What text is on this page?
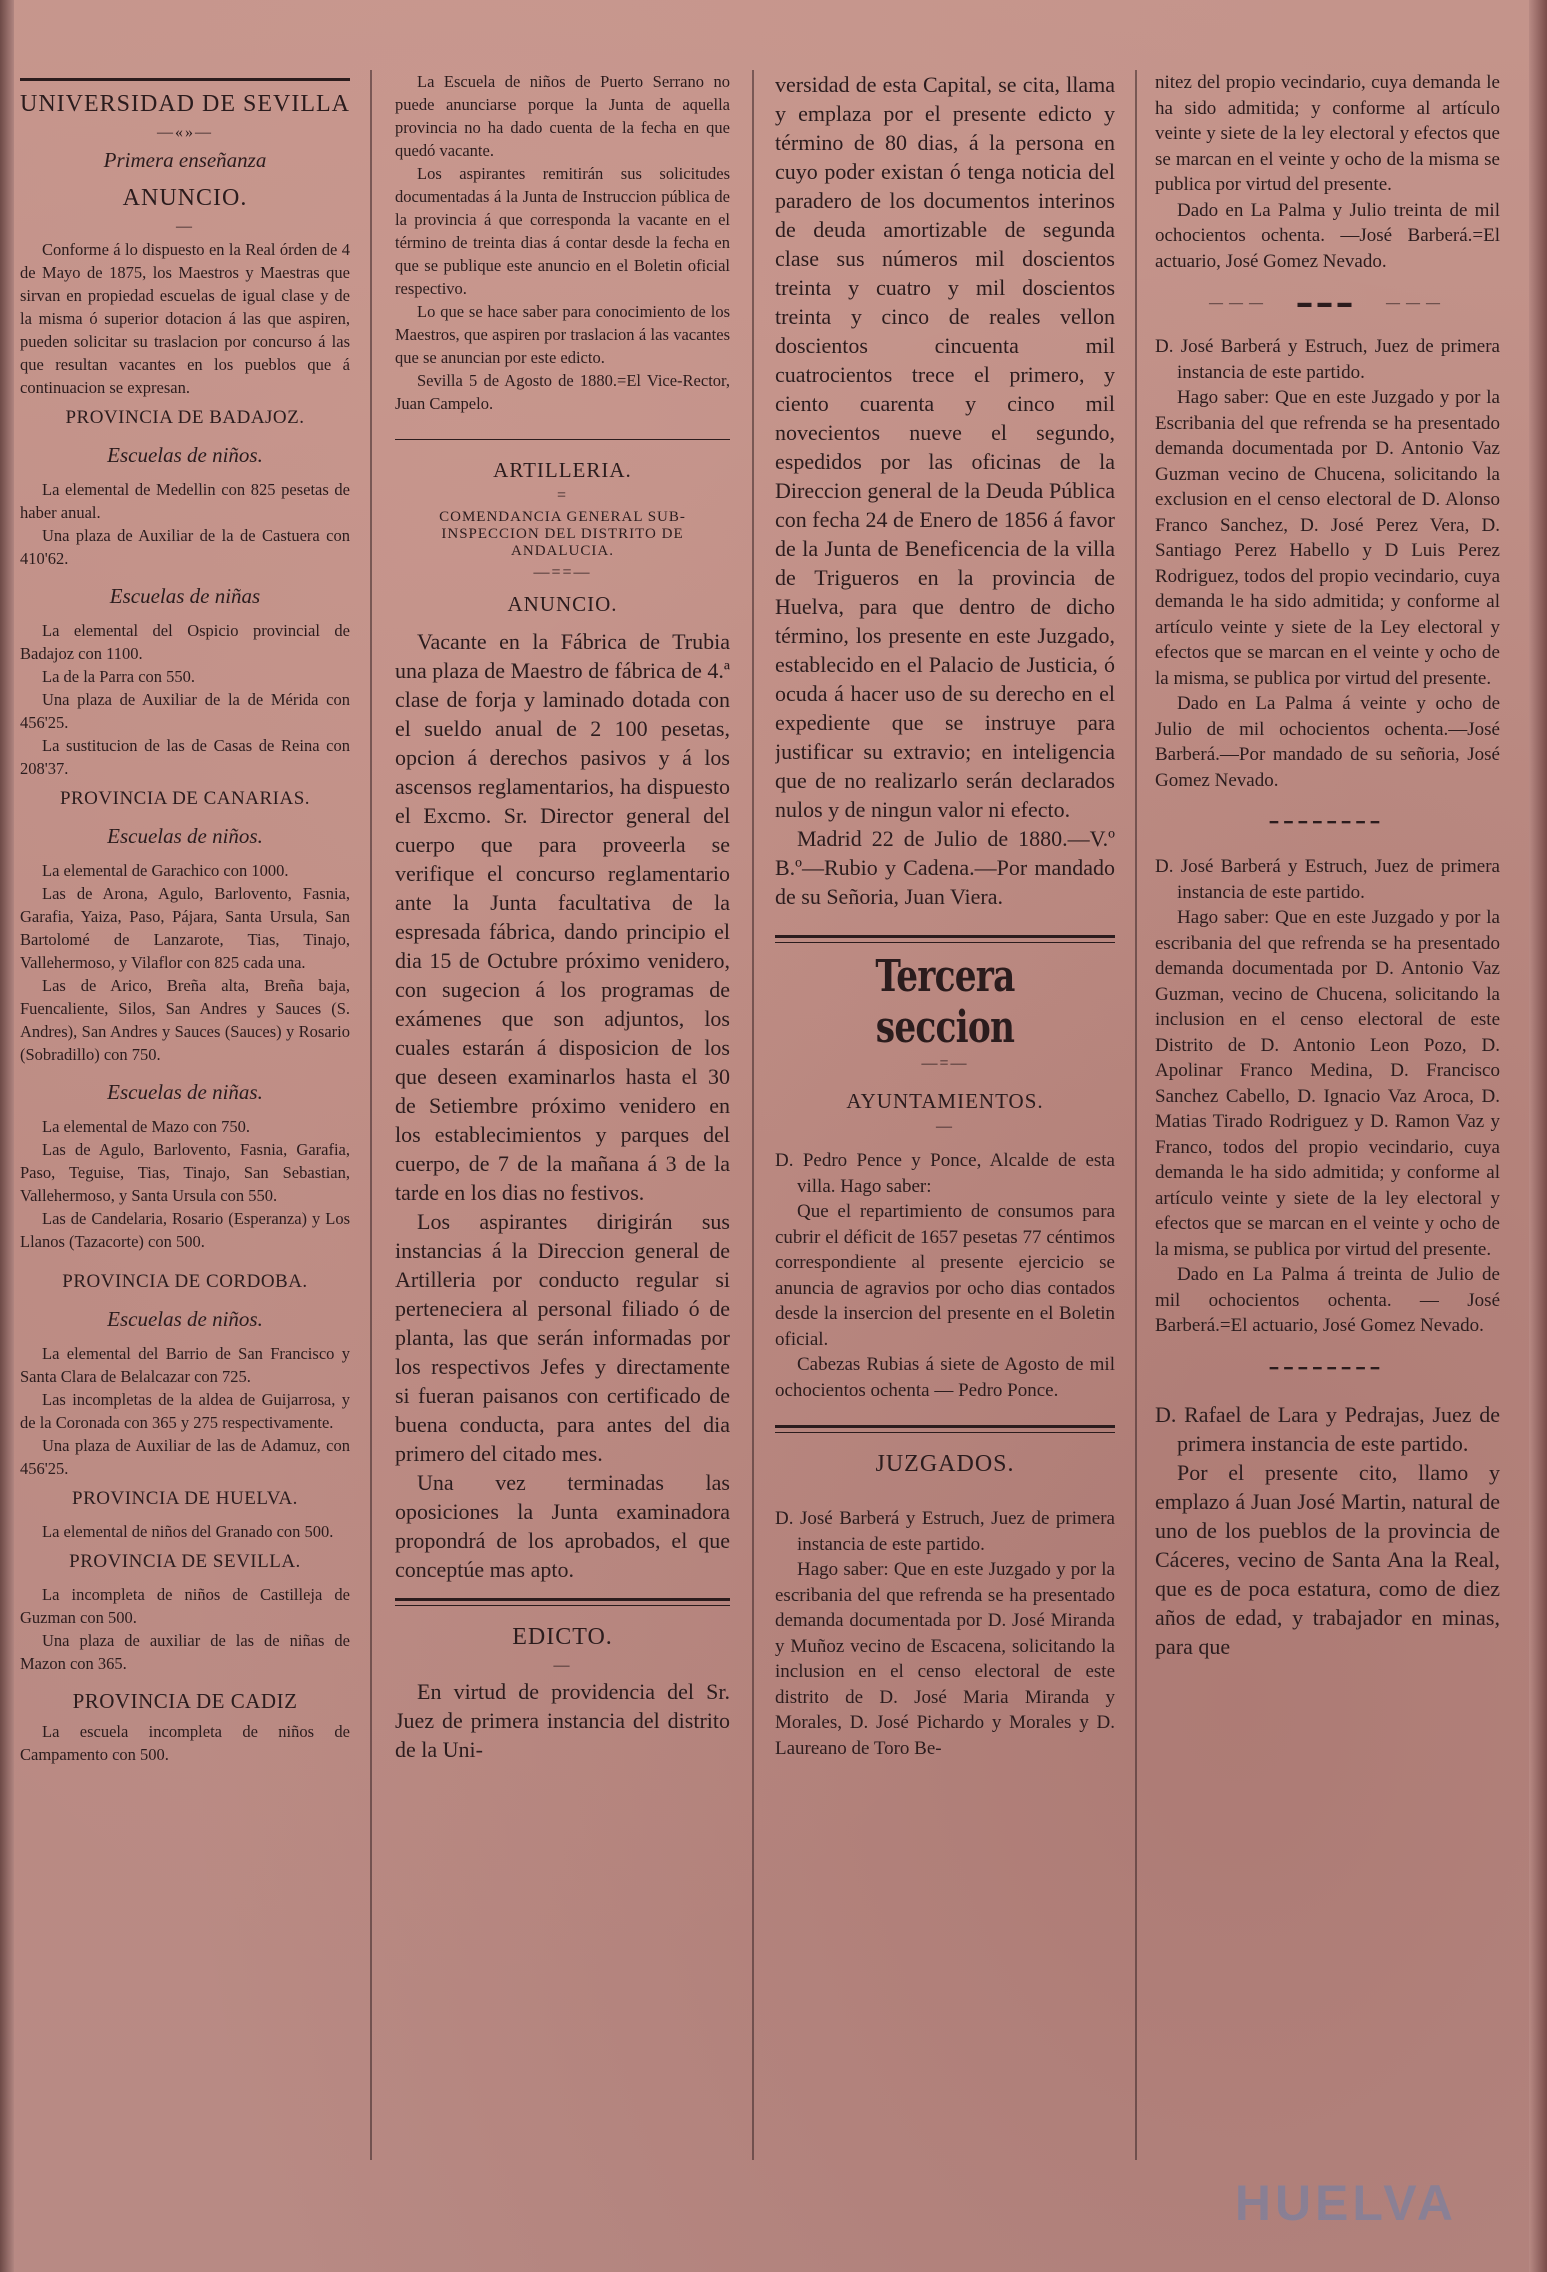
UNIVERSIDAD DE SEVILLA
—«»—
Primera enseñanza
ANUNCIO.
—

Conforme á lo dispuesto en la Real órden de 4 de Mayo de 1875, los Maestros y Maestras que sirvan en propiedad escuelas de igual clase y de la misma ó superior dotacion á las que aspiren, pueden solicitar su traslacion por concurso á las que resultan vacantes en los pueblos que á continuacion se expresan.

PROVINCIA DE BADAJOZ.
Escuelas de niños.

La elemental de Medellin con 825 pesetas de haber anual.

Una plaza de Auxiliar de la de Castuera con 410'62.

Escuelas de niñas

La elemental del Ospicio provincial de Badajoz con 1100.

La de la Parra con 550.

Una plaza de Auxiliar de la de Mérida con 456'25.

La sustitucion de las de Casas de Reina con 208'37.

PROVINCIA DE CANARIAS.
Escuelas de niños.

La elemental de Garachico con 1000.

Las de Arona, Agulo, Barlovento, Fasnia, Garafia, Yaiza, Paso, Pájara, Santa Ursula, San Bartolomé de Lanzarote, Tias, Tinajo, Vallehermoso, y Vilaflor con 825 cada una.

Las de Arico, Breña alta, Breña baja, Fuencaliente, Silos, San Andres y Sauces (S. Andres), San Andres y Sauces (Sauces) y Rosario (Sobradillo) con 750.

Escuelas de niñas.

La elemental de Mazo con 750.

Las de Agulo, Barlovento, Fasnia, Garafia, Paso, Teguise, Tias, Tinajo, San Sebastian, Vallehermoso, y Santa Ursula con 550.

Las de Candelaria, Rosario (Esperanza) y Los Llanos (Tazacorte) con 500.

PROVINCIA DE CORDOBA.
Escuelas de niños.

La elemental del Barrio de San Francisco y Santa Clara de Belalcazar con 725.

Las incompletas de la aldea de Guijarrosa, y de la Coronada con 365 y 275 respectivamente.

Una plaza de Auxiliar de las de Adamuz, con 456'25.

PROVINCIA DE HUELVA.

La elemental de niños del Granado con 500.

PROVINCIA DE SEVILLA.

La incompleta de niños de Castilleja de Guzman con 500.

Una plaza de auxiliar de las de niñas de Mazon con 365.

PROVINCIA DE CADIZ

La escuela incompleta de niños de Campamento con 500.

La Escuela de niños de Puerto Serrano no puede anunciarse porque la Junta de aquella provincia no ha dado cuenta de la fecha en que quedó vacante.

Los aspirantes remitirán sus solicitudes documentadas á la Junta de Instruccion pública de la provincia á que corresponda la vacante en el término de treinta dias á contar desde la fecha en que se publique este anuncio en el Boletin oficial respectivo.

Lo que se hace saber para conocimiento de los Maestros, que aspiren por traslacion á las vacantes que se anuncian por este edicto.

Sevilla 5 de Agosto de 1880.=El Vice-Rector, Juan Campelo.

ARTILLERIA.
=
COMENDANCIA GENERAL SUB-INSPECCION DEL DISTRITO DE ANDALUCIA.
—==—
ANUNCIO.

Vacante en la Fábrica de Trubia una plaza de Maestro de fábrica de 4.ª clase de forja y laminado dotada con el sueldo anual de 2 100 pesetas, opcion á derechos pasivos y á los ascensos reglamentarios, ha dispuesto el Excmo. Sr. Director general del cuerpo que para proveerla se verifique el concurso reglamentario ante la Junta facultativa de la espresada fábrica, dando principio el dia 15 de Octubre próximo venidero, con sugecion á los programas de exámenes que son adjuntos, los cuales estarán á disposicion de los que deseen examinarlos hasta el 30 de Setiembre próximo venidero en los establecimientos y parques del cuerpo, de 7 de la mañana á 3 de la tarde en los dias no festivos.

Los aspirantes dirigirán sus instancias á la Direccion general de Artilleria por conducto regular si perteneciera al personal filiado ó de planta, las que serán informadas por los respectivos Jefes y directamente si fueran paisanos con certificado de buena conducta, para antes del dia primero del citado mes.

Una vez terminadas las oposiciones la Junta examinadora propondrá de los aprobados, el que conceptúe mas apto.

EDICTO.
—

En virtud de providencia del Sr. Juez de primera instancia del distrito de la Uni-

versidad de esta Capital, se cita, llama y emplaza por el presente edicto y término de 80 dias, á la persona en cuyo poder existan ó tenga noticia del paradero de los documentos interinos de deuda amortizable de segunda clase sus números mil doscientos treinta y cuatro y mil doscientos treinta y cinco de reales vellon doscientos cincuenta mil cuatrocientos trece el primero, y ciento cuarenta y cinco mil novecientos nueve el segundo, espedidos por las oficinas de la Direccion general de la Deuda Pública con fecha 24 de Enero de 1856 á favor de la Junta de Beneficencia de la villa de Trigueros en la provincia de Huelva, para que dentro de dicho término, los presente en este Juzgado, establecido en el Palacio de Justicia, ó ocuda á hacer uso de su derecho en el expediente que se instruye para justificar su extravio; en inteligencia que de no realizarlo serán declarados nulos y de ningun valor ni efecto.

Madrid 22 de Julio de 1880.—V.º B.º—Rubio y Cadena.—Por mandado de su Señoria, Juan Viera.

Tercera seccion
—=—
AYUNTAMIENTOS.
—

D. Pedro Pence y Ponce, Alcalde de esta villa. Hago saber:

Que el repartimiento de consumos para cubrir el déficit de 1657 pesetas 77 céntimos correspondiente al presente ejercicio se anuncia de agravios por ocho dias contados desde la insercion del presente en el Boletin oficial.

Cabezas Rubias á siete de Agosto de mil ochocientos ochenta — Pedro Ponce.

JUZGADOS.

D. José Barberá y Estruch, Juez de primera instancia de este partido.

Hago saber: Que en este Juzgado y por la escribania del que refrenda se ha presentado demanda documentada por D. José Miranda y Muñoz vecino de Escacena, solicitando la inclusion en el censo electoral de este distrito de D. José Maria Miranda y Morales, D. José Pichardo y Morales y D. Laureano de Toro Be-

nitez del propio vecindario, cuya demanda le ha sido admitida; y conforme al artículo veinte y siete de la ley electoral y efectos que se marcan en el veinte y ocho de la misma se publica por virtud del presente.

Dado en La Palma y Julio treinta de mil ochocientos ochenta. —José Barberá.=El actuario, José Gomez Nevado.

———   ▬▬▬   ———

D. José Barberá y Estruch, Juez de primera instancia de este partido.

Hago saber: Que en este Juzgado y por la Escribania del que refrenda se ha presentado demanda documentada por D. Antonio Vaz Guzman vecino de Chucena, solicitando la exclusion en el censo electoral de D. Alonso Franco Sanchez, D. José Perez Vera, D. Santiago Perez Habello y D Luis Perez Rodriguez, todos del propio vecindario, cuya demanda le ha sido admitida; y conforme al artículo veinte y siete de la Ley electoral y efectos que se marcan en el veinte y ocho de la misma, se publica por virtud del presente.

Dado en La Palma á veinte y ocho de Julio de mil ochocientos ochenta.—José Barberá.—Por mandado de su señoria, José Gomez Nevado.

━━━━━━━━

D. José Barberá y Estruch, Juez de primera instancia de este partido.

Hago saber: Que en este Juzgado y por la escribania del que refrenda se ha presentado demanda documentada por D. Antonio Vaz Guzman, vecino de Chucena, solicitando la inclusion en el censo electoral de este Distrito de D. Antonio Leon Pozo, D. Apolinar Franco Medina, D. Francisco Sanchez Cabello, D. Ignacio Vaz Aroca, D. Matias Tirado Rodriguez y D. Ramon Vaz y Franco, todos del propio vecindario, cuya demanda le ha sido admitida; y conforme al artículo veinte y siete de la ley electoral y efectos que se marcan en el veinte y ocho de la misma, se publica por virtud del presente.

Dado en La Palma á treinta de Julio de mil ochocientos ochenta. — José Barberá.=El actuario, José Gomez Nevado.

━━━━━━━━

D. Rafael de Lara y Pedrajas, Juez de primera instancia de este partido.

Por el presente cito, llamo y emplazo á Juan José Martin, natural de uno de los pueblos de la provincia de Cáceres, vecino de Santa Ana la Real, que es de poca estatura, como de diez años de edad, y trabajador en minas, para que

HUELVA
